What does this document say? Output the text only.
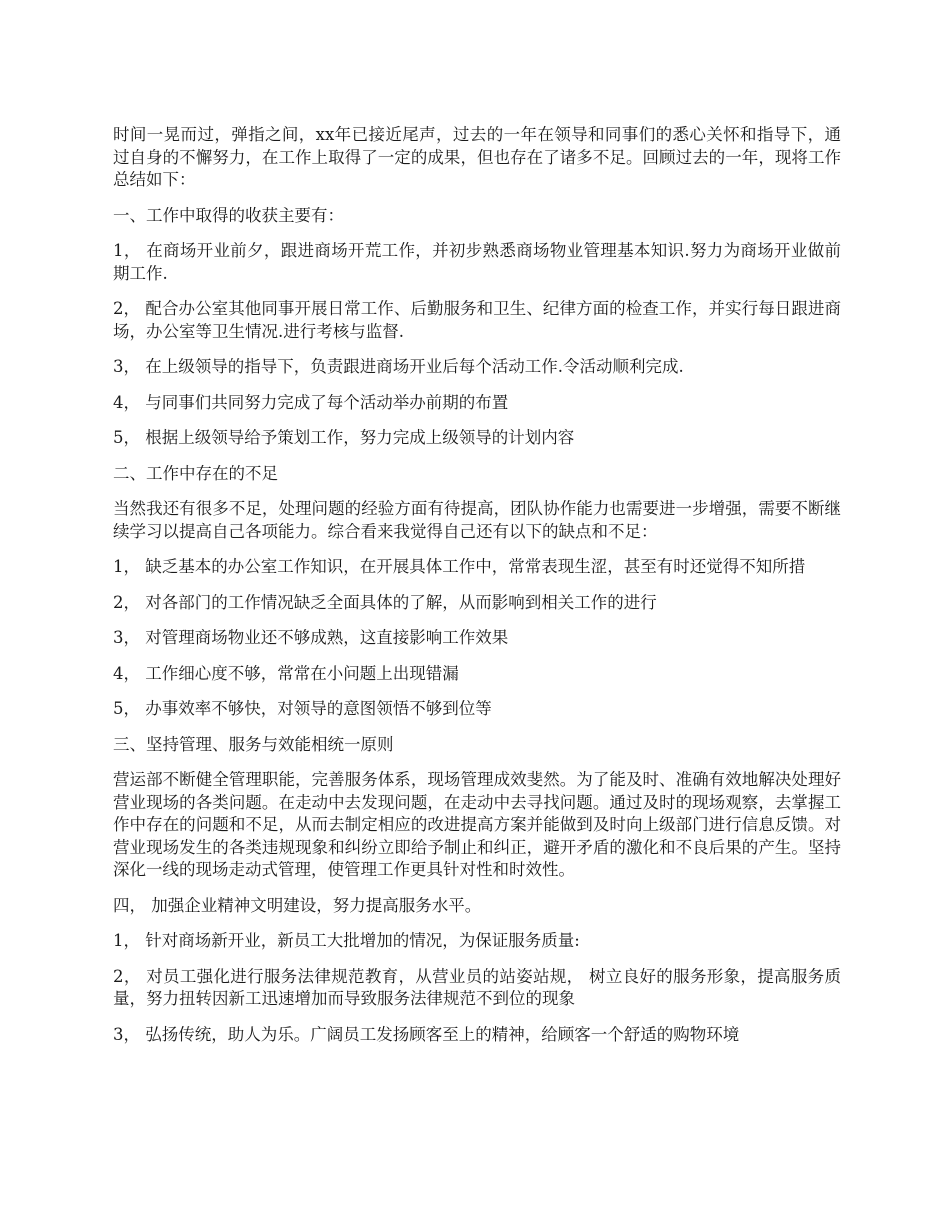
时间一晃而过，弹指之间，xx年已接近尾声，过去的一年在领导和同事们的悉心关怀和指导下，通过自身的不懈努力，在工作上取得了一定的成果，但也存在了诸多不足。回顾过去的一年，现将工作总结如下：

一、工作中取得的收获主要有：

1， 在商场开业前夕，跟进商场开荒工作，并初步熟悉商场物业管理基本知识.努力为商场开业做前期工作.

2， 配合办公室其他同事开展日常工作、后勤服务和卫生、纪律方面的检查工作，并实行每日跟进商场，办公室等卫生情况.进行考核与监督.

3， 在上级领导的指导下，负责跟进商场开业后每个活动工作.令活动顺利完成.

4， 与同事们共同努力完成了每个活动举办前期的布置

5， 根据上级领导给予策划工作，努力完成上级领导的计划内容

二、工作中存在的不足

当然我还有很多不足，处理问题的经验方面有待提高，团队协作能力也需要进一步增强，需要不断继续学习以提高自己各项能力。综合看来我觉得自己还有以下的缺点和不足：

1， 缺乏基本的办公室工作知识，在开展具体工作中，常常表现生涩，甚至有时还觉得不知所措

2， 对各部门的工作情况缺乏全面具体的了解，从而影响到相关工作的进行

3， 对管理商场物业还不够成熟，这直接影响工作效果

4， 工作细心度不够，常常在小问题上出现错漏

5， 办事效率不够快，对领导的意图领悟不够到位等

三、坚持管理、服务与效能相统一原则

营运部不断健全管理职能，完善服务体系，现场管理成效斐然。为了能及时、准确有效地解决处理好营业现场的各类问题。在走动中去发现问题，在走动中去寻找问题。通过及时的现场观察，去掌握工作中存在的问题和不足，从而去制定相应的改进提高方案并能做到及时向上级部门进行信息反馈。对营业现场发生的各类违规现象和纠纷立即给予制止和纠正，避开矛盾的激化和不良后果的产生。坚持深化一线的现场走动式管理，使管理工作更具针对性和时效性。

四， 加强企业精神文明建设，努力提高服务水平。

1， 针对商场新开业，新员工大批增加的情况，为保证服务质量:

2， 对员工强化进行服务法律规范教育，从营业员的站姿站规， 树立良好的服务形象，提高服务质量，努力扭转因新工迅速增加而导致服务法律规范不到位的现象

3， 弘扬传统，助人为乐。广阔员工发扬顾客至上的精神，给顾客一个舒适的购物环境
